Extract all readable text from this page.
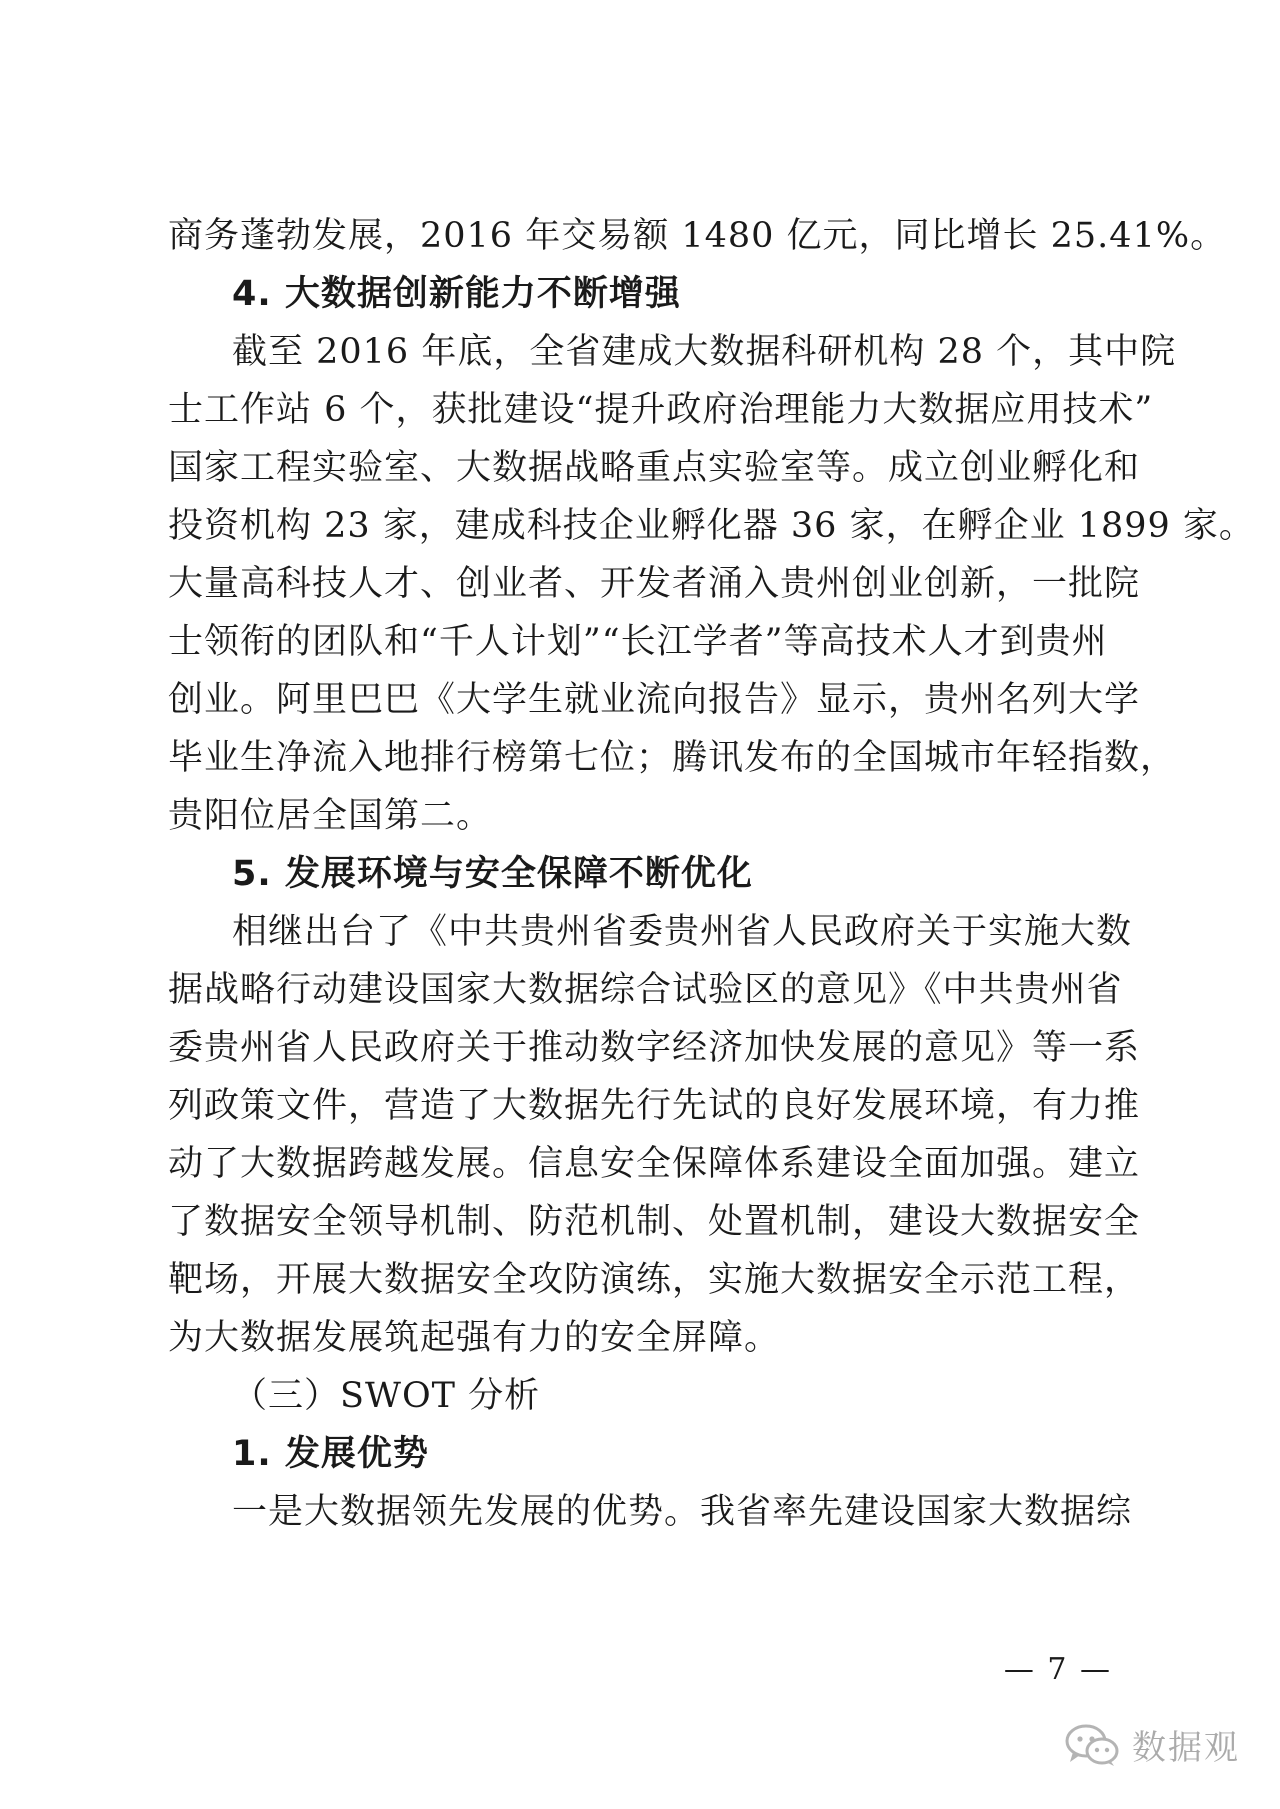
商务蓬勃发展，2016 年交易额 1480 亿元，同比增长 25.41%。
4. 大数据创新能力不断增强
截至 2016 年底，全省建成大数据科研机构 28 个，其中院
士工作站 6 个，获批建设“提升政府治理能力大数据应用技术”
国家工程实验室、大数据战略重点实验室等。成立创业孵化和
投资机构 23 家，建成科技企业孵化器 36 家，在孵企业 1899 家。
大量高科技人才、创业者、开发者涌入贵州创业创新，一批院
士领衔的团队和“千人计划”“长江学者”等高技术人才到贵州
创业。阿里巴巴《大学生就业流向报告》显示，贵州名列大学
毕业生净流入地排行榜第七位；腾讯发布的全国城市年轻指数，
贵阳位居全国第二。
5. 发展环境与安全保障不断优化
相继出台了《中共贵州省委贵州省人民政府关于实施大数
据战略行动建设国家大数据综合试验区的意见》《中共贵州省
委贵州省人民政府关于推动数字经济加快发展的意见》等一系
列政策文件，营造了大数据先行先试的良好发展环境，有力推
动了大数据跨越发展。信息安全保障体系建设全面加强。建立
了数据安全领导机制、防范机制、处置机制，建设大数据安全
靶场，开展大数据安全攻防演练，实施大数据安全示范工程，
为大数据发展筑起强有力的安全屏障。
（三）SWOT 分析
1. 发展优势
一是大数据领先发展的优势。我省率先建设国家大数据综
— 7 —
数据观
